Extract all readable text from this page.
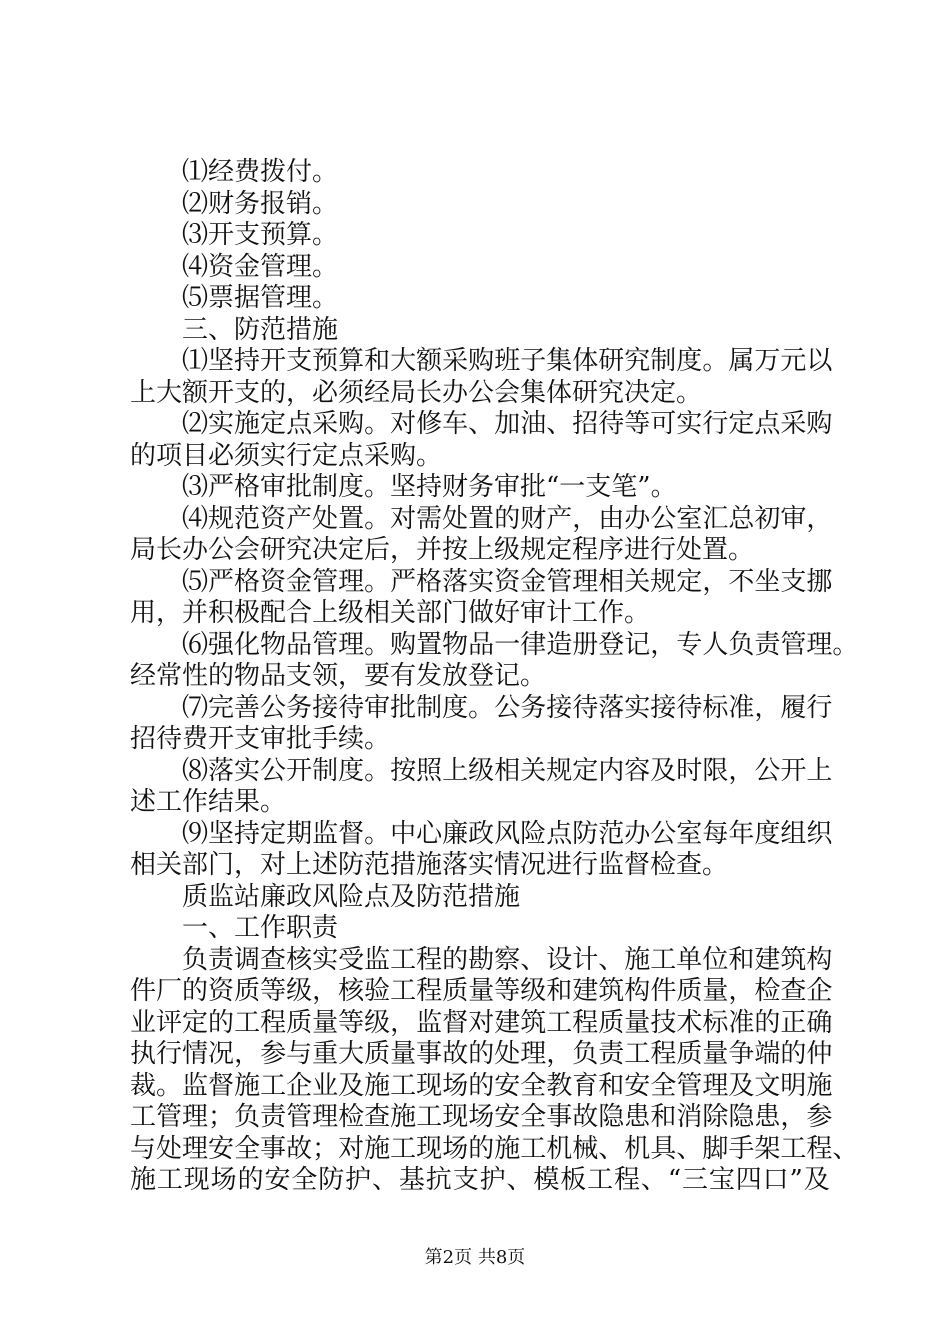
⑴经费拨付。
⑵财务报销。
⑶开支预算。
⑷资金管理。
⑸票据管理。
三、防范措施
⑴ 坚 持 开 支 预 算 和 大 额 采 购 班 子 集 体 研 究 制 度 。 属 万 元 以
上大额开支的，必须经局长办公会集体研究决定。
⑵ 实 施 定 点 采 购 。 对 修 车 、 加 油 、 招 待 等 可 实 行 定 点 采 购
的项目必须实行定点采购。
⑶严格审批制度。坚持财务审批“一支笔”。
⑷ 规 范 资 产 处 置 。 对 需 处 置 的 财 产 ， 由 办 公 室 汇 总 初 审 ，
局长办公会研究决定后，并按上级规定程序进行处置。
⑸ 严 格 资 金 管 理 。 严 格 落 实 资 金 管 理 相 关 规 定 ， 不 坐 支 挪
用，并积极配合上级相关部门做好审计工作。
⑹ 强 化 物 品 管 理 。 购 置 物 品 一 律 造 册 登 记 ， 专 人 负 责 管 理 。
经常性的物品支领，要有发放登记。
⑺ 完 善 公 务 接 待 审 批 制 度 。 公 务 接 待 落 实 接 待 标 准 ， 履 行
招待费开支审批手续。
⑻ 落 实 公 开 制 度 。 按 照 上 级 相 关 规 定 内 容 及 时 限 ， 公 开 上
述工作结果。
⑼ 坚 持 定 期 监 督 。 中 心 廉 政 风 险 点 防 范 办 公 室 每 年 度 组 织
相关部门，对上述防范措施落实情况进行监督检查。
质监站廉政风险点及防范措施
一、工作职责
负 责 调 查 核 实 受 监 工 程 的 勘 察 、 设 计 、 施 工 单 位 和 建 筑 构
件 厂 的 资 质 等 级 ， 核 验 工 程 质 量 等 级 和 建 筑 构 件 质 量 ， 检 查 企
业 评 定 的 工 程 质 量 等 级 ， 监 督 对 建 筑 工 程 质 量 技 术 标 准 的 正 确
执 行 情 况 ， 参 与 重 大 质 量 事 故 的 处 理 ， 负 责 工 程 质 量 争 端 的 仲
裁 。 监 督 施 工 企 业 及 施 工 现 场 的 安 全 教 育 和 安 全 管 理 及 文 明 施
工 管 理 ； 负 责 管 理 检 查 施 工 现 场 安 全 事 故 隐 患 和 消 除 隐 患 ， 参
与 处 理 安 全 事 故 ； 对 施 工 现 场 的 施 工 机 械 、 机 具 、 脚 手 架 工 程 、
施 工 现 场 的 安 全 防 护 、 基 抗 支 护 、 模 板 工 程 、 “ 三 宝 四 口 ” 及
第2页 共8页
